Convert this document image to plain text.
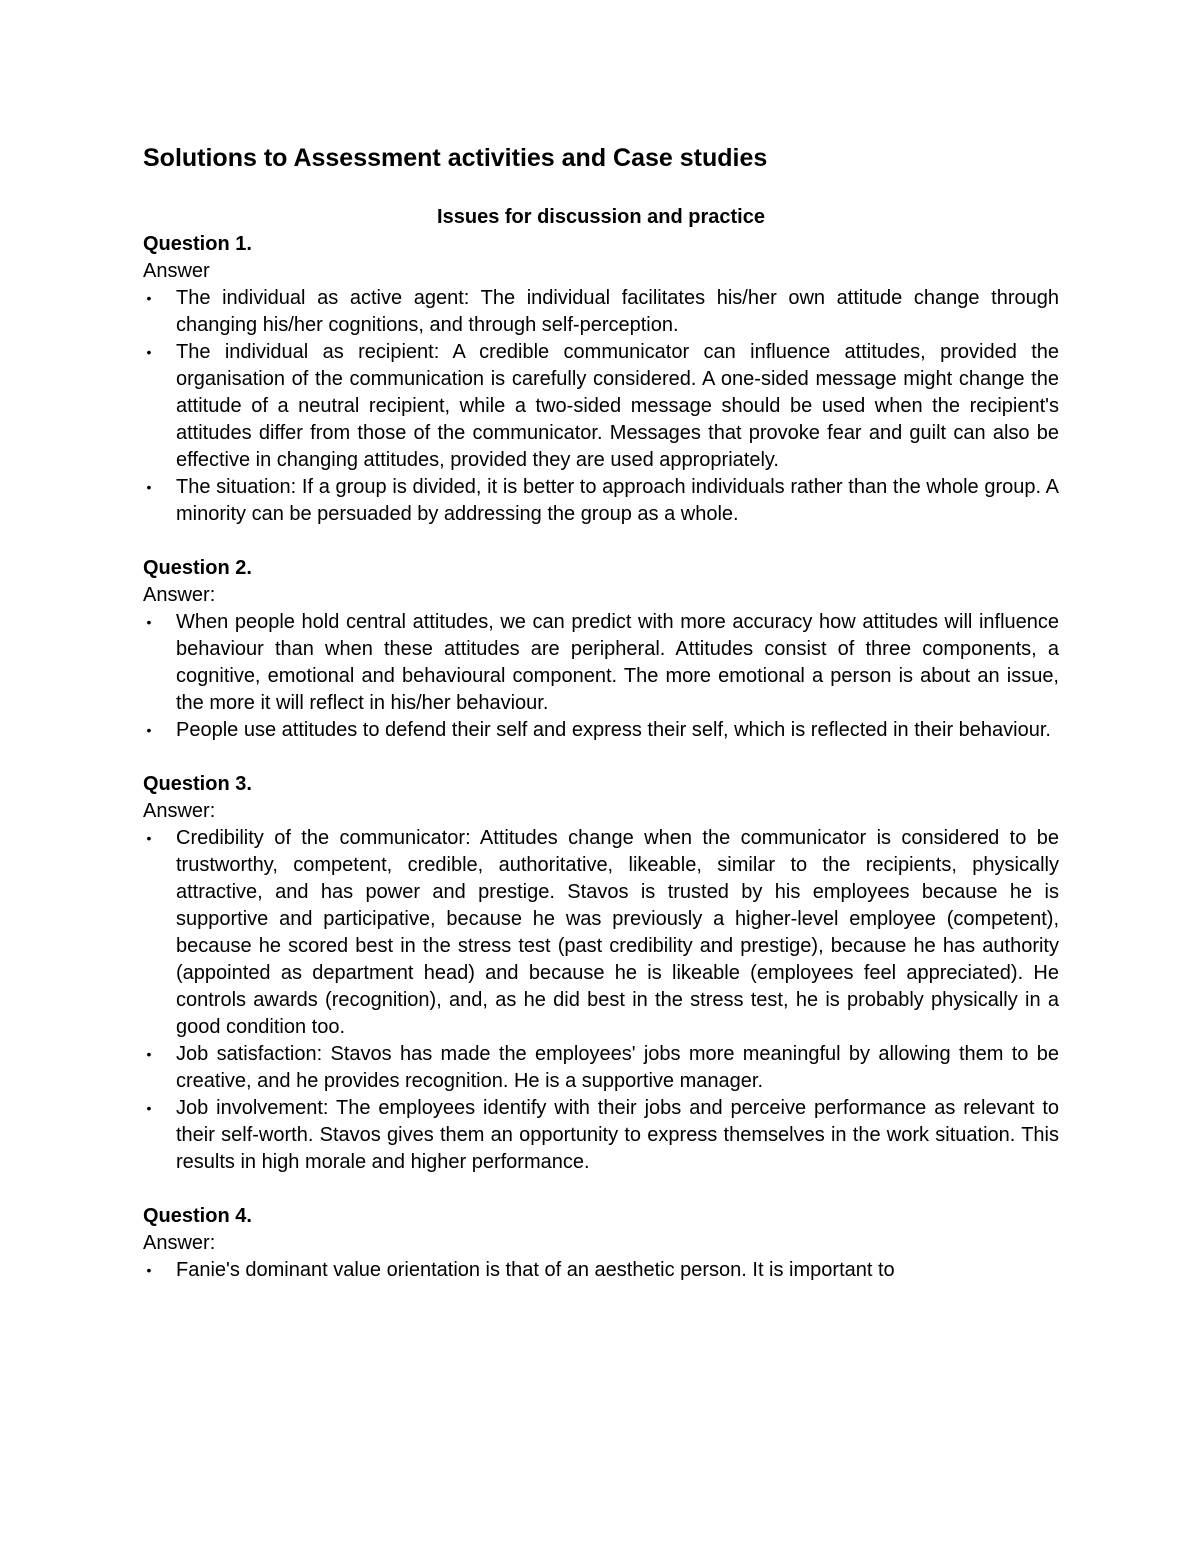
Solutions to Assessment activities and Case studies

Issues for discussion and practice

Question 1.

Answer

• The individual as active agent: The individual facilitates his/her own attitude change through changing his/her cognitions, and through self-perception.
• The individual as recipient: A credible communicator can influence attitudes, provided the organisation of the communication is carefully considered. A one-sided message might change the attitude of a neutral recipient, while a two-sided message should be used when the recipient's attitudes differ from those of the communicator. Messages that provoke fear and guilt can also be effective in changing attitudes, provided they are used appropriately.
• The situation: If a group is divided, it is better to approach individuals rather than the whole group. A minority can be persuaded by addressing the group as a whole.

Question 2.

Answer:

• When people hold central attitudes, we can predict with more accuracy how attitudes will influence behaviour than when these attitudes are peripheral. Attitudes consist of three components, a cognitive, emotional and behavioural component. The more emotional a person is about an issue, the more it will reflect in his/her behaviour.
• People use attitudes to defend their self and express their self, which is reflected in their behaviour.

Question 3.

Answer:

• Credibility of the communicator: Attitudes change when the communicator is considered to be trustworthy, competent, credible, authoritative, likeable, similar to the recipients, physically attractive, and has power and prestige. Stavos is trusted by his employees because he is supportive and participative, because he was previously a higher-level employee (competent), because he scored best in the stress test (past credibility and prestige), because he has authority (appointed as department head) and because he is likeable (employees feel appreciated). He controls awards (recognition), and, as he did best in the stress test, he is probably physically in a good condition too.
• Job satisfaction: Stavos has made the employees' jobs more meaningful by allowing them to be creative, and he provides recognition. He is a supportive manager.
• Job involvement: The employees identify with their jobs and perceive performance as relevant to their self-worth. Stavos gives them an opportunity to express themselves in the work situation. This results in high morale and higher performance.

Question 4.

Answer:

• Fanie's dominant value orientation is that of an aesthetic person. It is important to
